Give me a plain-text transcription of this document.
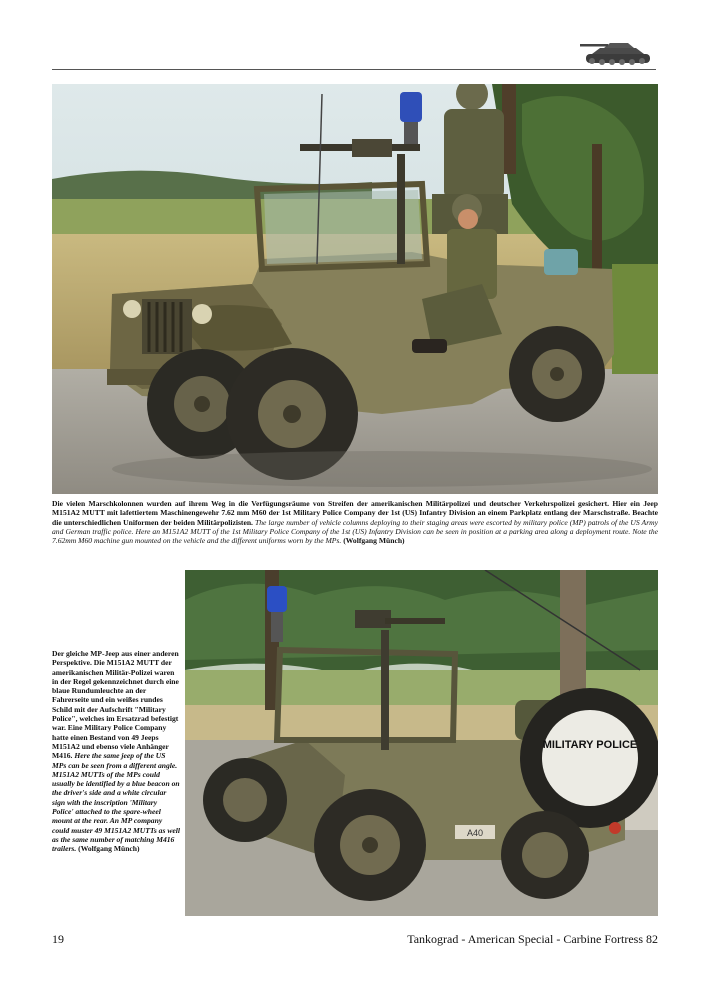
Die vielen Marschkolonnen wurden auf ihrem Weg in die Verfügungsräume von Streifen der amerikanischen Militärpolizei und deutscher Verkehrspolizei gesichert. Hier ein Jeep M151A2 MUTT mit lafettiertem Maschinengewehr 7.62 mm M60 der 1st Military Police Company der 1st (US) Infantry Division an einem Parkplatz entlang der Marschstraße. Beachte die unterschiedlichen Uniformen der beiden Militärpolizisten. The large number of vehicle columns deploying to their staging areas were escorted by military police (MP) patrols of the US Army and German traffic police. Here an M151A2 MUTT of the 1st Military Police Company of the 1st (US) Infantry Division can be seen in position at a parking area along a deployment route. Note the 7.62mm M60 machine gun mounted on the vehicle and the different uniforms worn by the MPs. (Wolfgang Münch)
Der gleiche MP-Jeep aus einer anderen Perspektive. Die M151A2 MUTT der amerikanischen Militär-Polizei waren in der Regel gekennzeichnet durch eine blaue Rundumleuchte an der Fahrerseite und ein weißes rundes Schild mit der Aufschrift "Military Police", welches im Ersatzrad befestigt war. Eine Military Police Company hatte einen Bestand von 49 Jeeps M151A2 und ebenso viele Anhänger M416. Here the same jeep of the US MPs can be seen from a different angle. M151A2 MUTTs of the MPs could usually be identified by a blue beacon on the driver's side and a white circular sign with the inscription 'Military Police' attached to the spare-wheel mount at the rear. An MP company could muster 49 M151A2 MUTTs as well as the same number of matching M416 trailers. (Wolfgang Münch)
MILITARY POLICE
A40
19	Tankograd - American Special - Carbine Fortress 82
